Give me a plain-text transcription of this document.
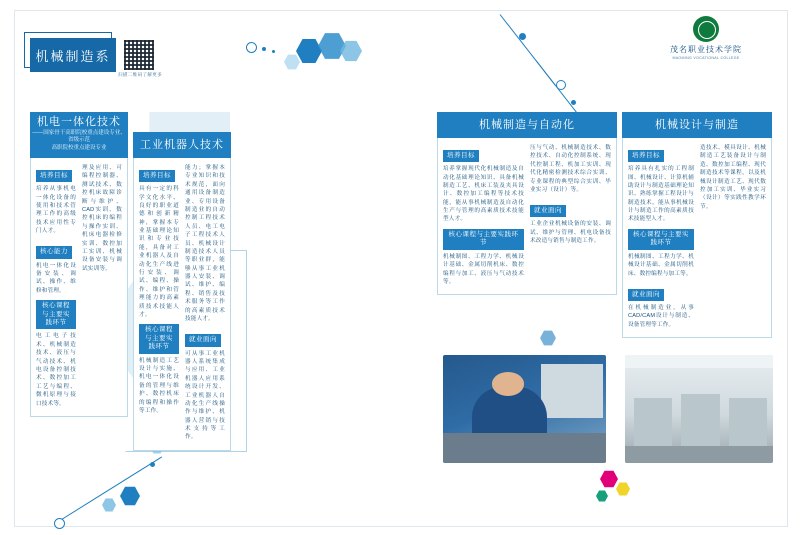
机械制造系
扫描二维码了解更多
茂名职业技术学院
MAOMING VOCATIONAL COLLEGE
机电一体化技术
——国家骨干高职院校重点建设专业、省级示范
高职院校重点建设专业
培养目标
培养从事机电一体化设备的使用和技术管理工作的高级技术应用性专门人才。
核心能力
机电一体化设备安装、调试、操作、维修和管理。
核心课程与主要实践环节
电工电子技术、机械制造技术、液压与气动技术、机电设备控制技术、数控加工工艺与编程、微机原理与接口技术等。
理及应用、可编程控制器、测试技术、数控机床故障诊断与维护、CAD实训、数控机床的编程与操作实训、机床电器检修实训、数控加工实训、机械设备安装与调试实训等。
工业机器人技术
培养目标
具有一定的科学文化水平、良好的职业道德和创新精神，掌握本专业基础理论知识和专业技能，具备对工业机器人及自动化生产线进行安装、调试、编程、操作、维护和管理能力的高素质技术技能人才。
核心课程与主要实践环节
机械制造工艺设计与实施、机电一体化设备的管理与维护、数控机床的编程和操作等工作。
能力；掌握本专业知识和技术规范，面向通用设备制造业、专用设备制造业的自动控制工程技术人员、电工电子工程技术人员、机械设计制造技术人员等职业群，能够从事工业机器人安装、调试、维护、编程、销售及技术服务等工作的高素质技术技能人才。
就业面向
可从事工业机器人系统集成与应用、工业机器人应用系统设计开发、工业机器人自动化生产线操作与维护、机器人营销与技术支持等工作。
机械制造与自动化
培养目标
培养掌握现代化机械制造及自动化基础理论知识、具备机械制造工艺、机床工装及夹具设计、数控加工编程等技术技能，能从事机械制造及自动化生产与管理的高素质技术技能型人才。
核心课程与主要实践环节
机械制图、工程力学、机械设计基础、金属切削机床、数控编程与加工、液压与气动技术等。
压与气动、机械制造技术、数控技术、自动化控制系统、现代控制工程、机加工实训、现代化精密检测技术综合实训、专业课程的典型综合实训、毕业实习（设计）等。
就业面向
工业企业机械设备的安装、调试、维护与管理、机电设备技术改造与销售与制造工作。
机械设计与制造
培养目标
培养具有扎实的工程制图、机械设计、计算机辅助设计与制造基础理论知识、熟练掌握工程设计与制造技术，能从事机械设计与制造工作的高素质技术技能型人才。
核心课程与主要实践环节
机械制图、工程力学、机械设计基础、金属切削机床、数控编程与加工等。
就业面向
在机械制造业，从事CAD/CAM设计与制造、设备管理等工作。
造技术、模具设计、机械制造工艺装备设计与制造、数控加工编程、现代制造技术等课程，以及机械设计制造工艺、现代数控加工实训、毕业实习（设计）等实践性教学环节。
